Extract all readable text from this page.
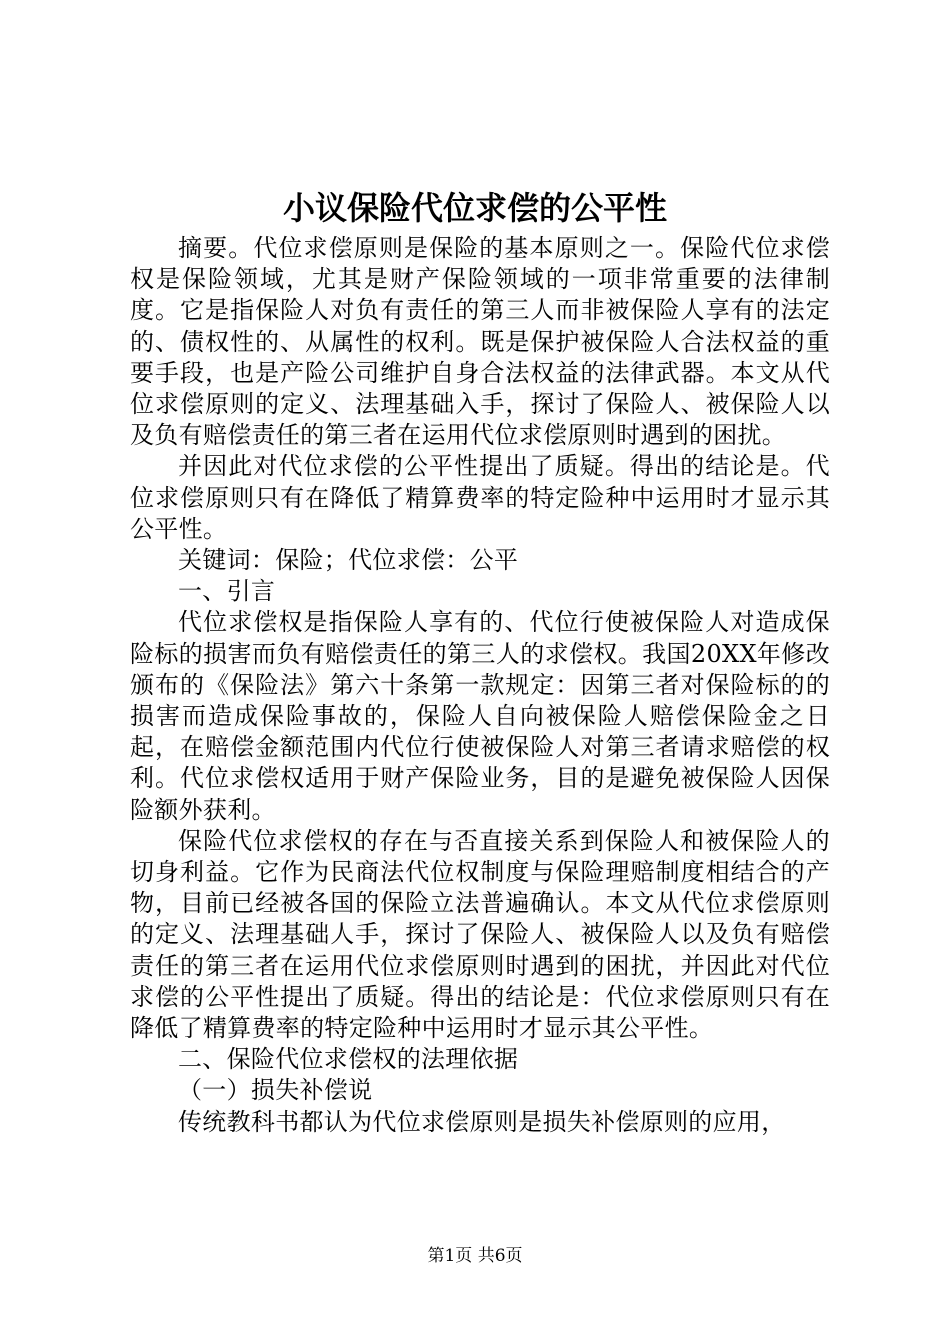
小议保险代位求偿的公平性

摘要。代位求偿原则是保险的基本原则之一。保险代位求偿权是保险领域，尤其是财产保险领域的一项非常重要的法律制度。它是指保险人对负有责任的第三人而非被保险人享有的法定的、债权性的、从属性的权利。既是保护被保险人合法权益的重要手段，也是产险公司维护自身合法权益的法律武器。本文从代位求偿原则的定义、法理基础入手，探讨了保险人、被保险人以及负有赔偿责任的第三者在运用代位求偿原则时遇到的困扰。

并因此对代位求偿的公平性提出了质疑。得出的结论是。代位求偿原则只有在降低了精算费率的特定险种中运用时才显示其公平性。

关键词：保险；代位求偿：公平

一、引言

代位求偿权是指保险人享有的、代位行使被保险人对造成保险标的损害而负有赔偿责任的第三人的求偿权。我国20XX年修改颁布的《保险法》第六十条第一款规定：因第三者对保险标的的损害而造成保险事故的，保险人自向被保险人赔偿保险金之日起，在赔偿金额范围内代位行使被保险人对第三者请求赔偿的权利。代位求偿权适用于财产保险业务，目的是避免被保险人因保险额外获利。

保险代位求偿权的存在与否直接关系到保险人和被保险人的切身利益。它作为民商法代位权制度与保险理赔制度相结合的产物，目前已经被各国的保险立法普遍确认。本文从代位求偿原则的定义、法理基础人手，探讨了保险人、被保险人以及负有赔偿责任的第三者在运用代位求偿原则时遇到的困扰，并因此对代位求偿的公平性提出了质疑。得出的结论是：代位求偿原则只有在降低了精算费率的特定险种中运用时才显示其公平性。

二、保险代位求偿权的法理依据

（一）损失补偿说

传统教科书都认为代位求偿原则是损失补偿原则的应用，

第1页 共6页
